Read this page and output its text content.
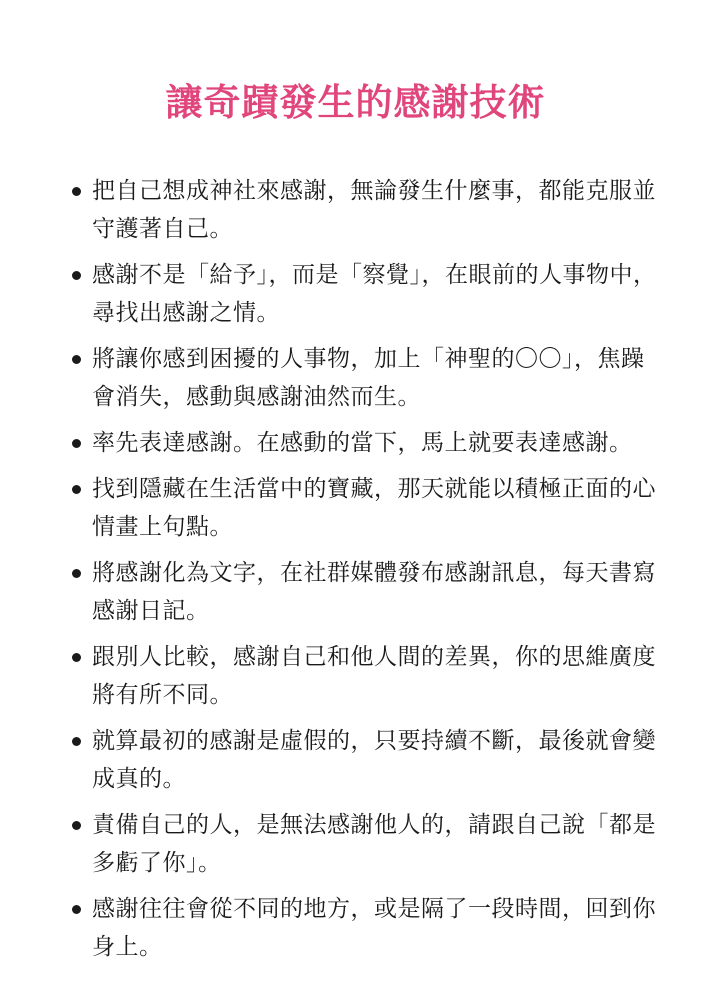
讓奇蹟發生的感謝技術
把自己想成神社來感謝，無論發生什麼事，都能克服並守護著自己。
感謝不是「給予」，而是「察覺」，在眼前的人事物中，尋找出感謝之情。
將讓你感到困擾的人事物，加上「神聖的〇〇」，焦躁會消失，感動與感謝油然而生。
率先表達感謝。在感動的當下，馬上就要表達感謝。
找到隱藏在生活當中的寶藏，那天就能以積極正面的心情畫上句點。
將感謝化為文字，在社群媒體發布感謝訊息，每天書寫感謝日記。
跟別人比較，感謝自己和他人間的差異，你的思維廣度將有所不同。
就算最初的感謝是虛假的，只要持續不斷，最後就會變成真的。
責備自己的人，是無法感謝他人的，請跟自己說「都是多虧了你」。
感謝往往會從不同的地方，或是隔了一段時間，回到你身上。
